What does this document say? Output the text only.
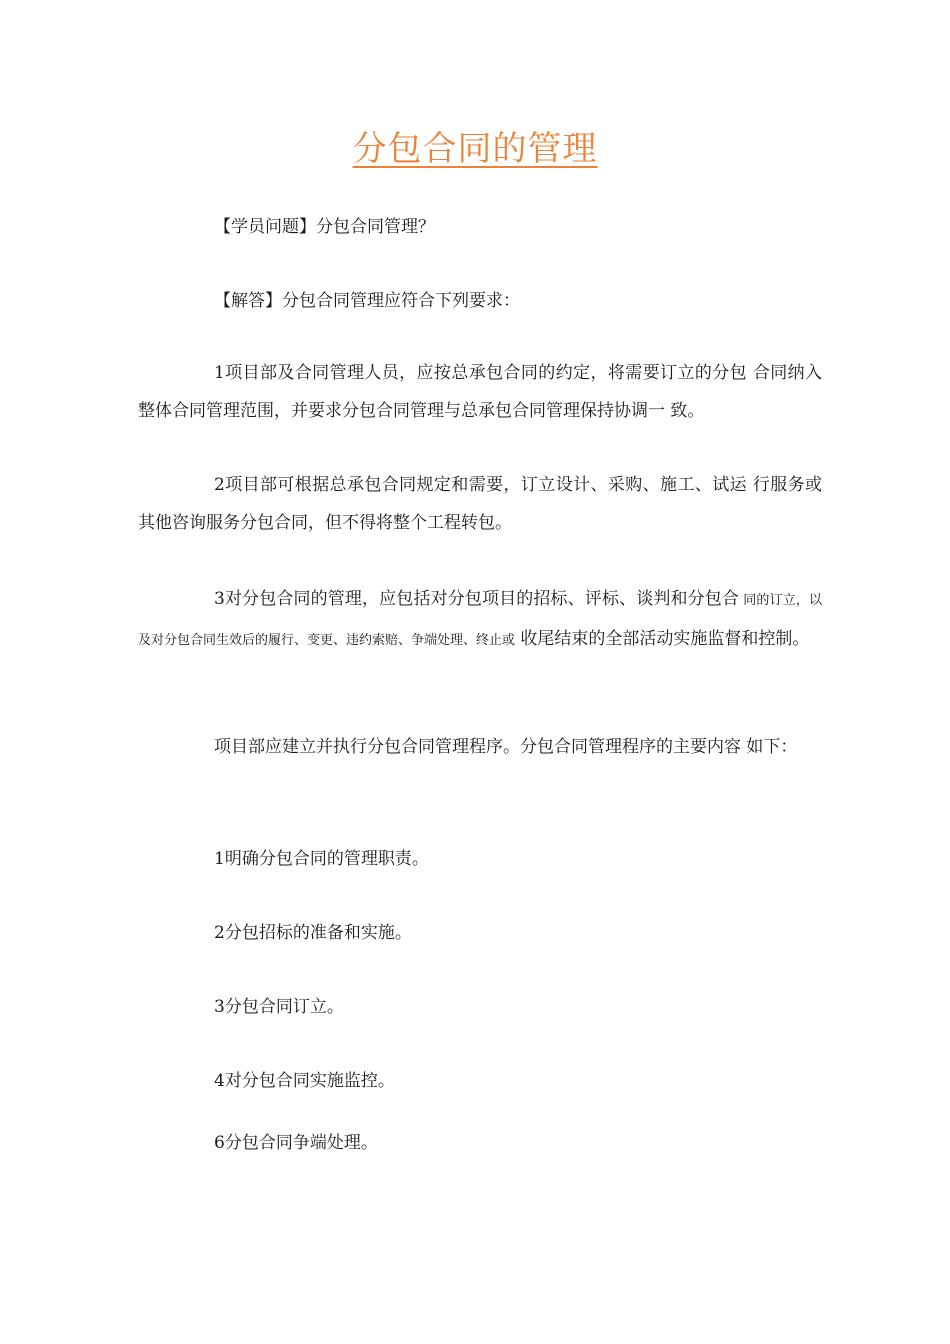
分包合同的管理

【学员问题】分包合同管理？

【解答】分包合同管理应符合下列要求：

1项目部及合同管理人员，应按总承包合同的约定，将需要订立的分包 合同纳入整体合同管理范围，并要求分包合同管理与总承包合同管理保持协调一 致。

2项目部可根据总承包合同规定和需要，订立设计、采购、施工、试运 行服务或其他咨询服务分包合同，但不得将整个工程转包。

3对分包合同的管理，应包括对分包项目的招标、评标、谈判和分包合 同的订立，以及对分包合同生效后的履行、变更、违约索赔、争端处理、终止或 收尾结束的全部活动实施监督和控制。

项目部应建立并执行分包合同管理程序。分包合同管理程序的主要内容 如下：

1明确分包合同的管理职责。

2分包招标的准备和实施。

3分包合同订立。

4对分包合同实施监控。

6分包合同争端处理。
